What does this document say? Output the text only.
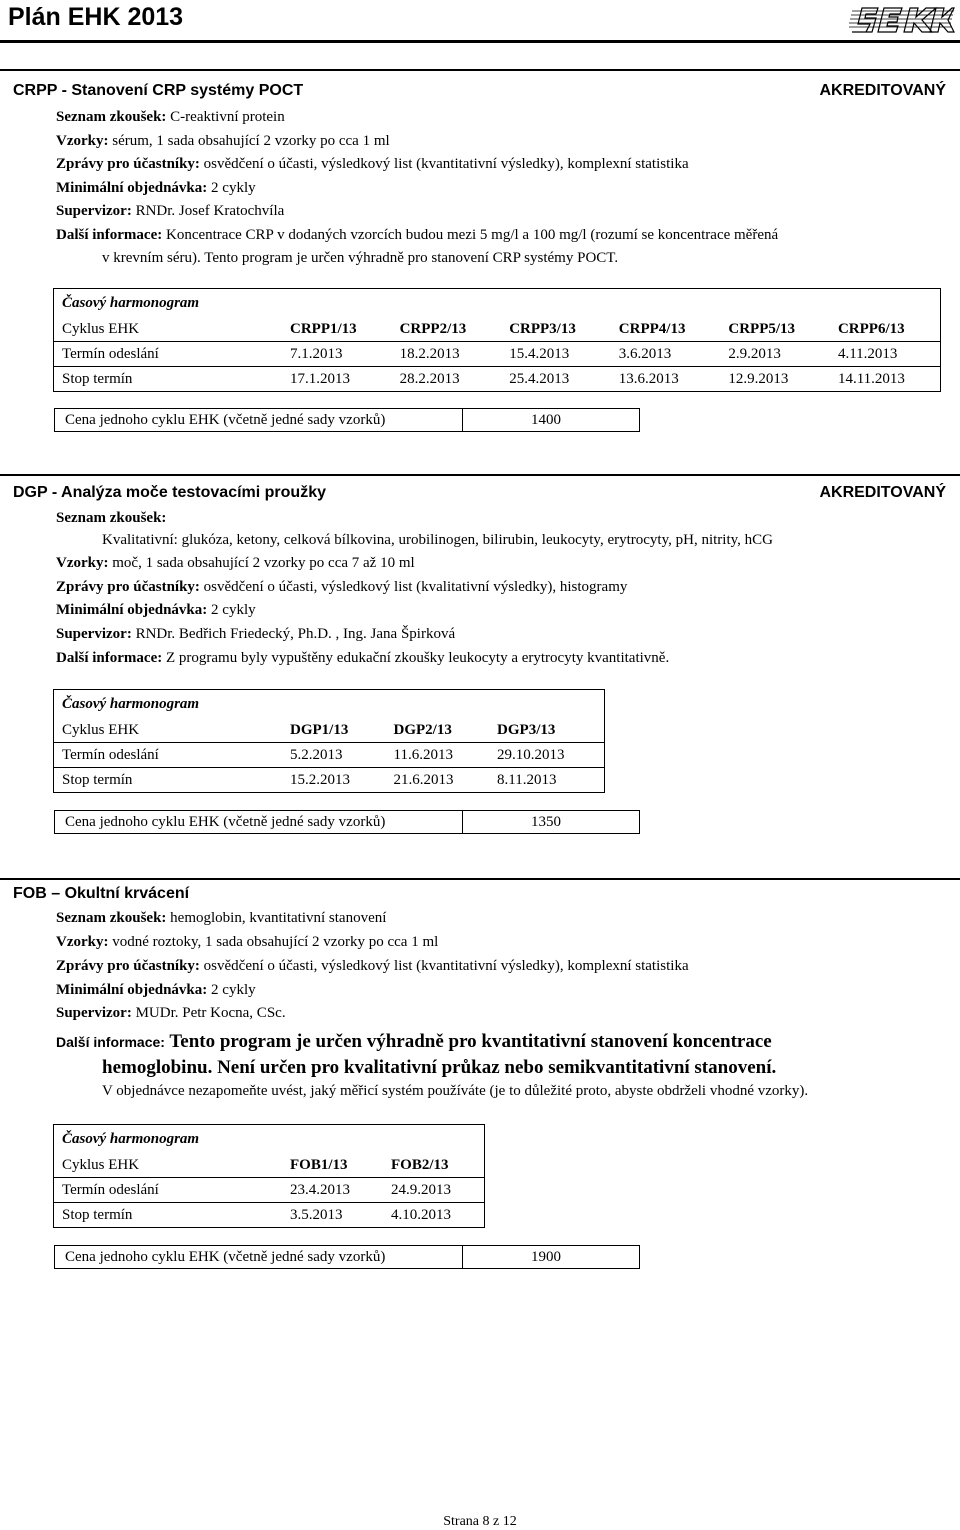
Plán EHK 2013
CRPP - Stanovení CRP systémy POCT	AKREDITOVANÝ
Seznam zkoušek: C-reaktivní protein
Vzorky: sérum, 1 sada obsahující 2 vzorky po cca 1 ml
Zprávy pro účastníky: osvědčení o účasti, výsledkový list (kvantitativní výsledky), komplexní statistika
Minimální objednávka: 2 cykly
Supervizor: RNDr. Josef Kratochvíla
Další informace: Koncentrace CRP v dodaných vzorcích budou mezi 5 mg/l a 100 mg/l (rozumí se koncentrace měřená
v krevním séru). Tento program je určen výhradně pro stanovení CRP systémy POCT.
Časový harmonogram						
Cyklus EHK	CRPP1/13	CRPP2/13	CRPP3/13	CRPP4/13	CRPP5/13	CRPP6/13
Termín odeslání	7.1.2013	18.2.2013	15.4.2013	3.6.2013	2.9.2013	4.11.2013
Stop termín	17.1.2013	28.2.2013	25.4.2013	13.6.2013	12.9.2013	14.11.2013
Cena jednoho cyklu EHK (včetně jedné sady vzorků)	1400
DGP - Analýza moče testovacími proužky	AKREDITOVANÝ
Seznam zkoušek:
Kvalitativní: glukóza, ketony, celková bílkovina, urobilinogen, bilirubin, leukocyty, erytrocyty, pH, nitrity, hCG
Vzorky: moč, 1 sada obsahující 2 vzorky po cca 7 až 10 ml
Zprávy pro účastníky: osvědčení o účasti, výsledkový list (kvalitativní výsledky), histogramy
Minimální objednávka: 2 cykly
Supervizor: RNDr. Bedřich Friedecký, Ph.D. , Ing. Jana Špirková
Další informace: Z programu byly vypuštěny edukační zkoušky leukocyty a erytrocyty kvantitativně.
Časový harmonogram			
Cyklus EHK	DGP1/13	DGP2/13	DGP3/13
Termín odeslání	5.2.2013	11.6.2013	29.10.2013
Stop termín	15.2.2013	21.6.2013	8.11.2013
Cena jednoho cyklu EHK (včetně jedné sady vzorků)	1350
FOB – Okultní krvácení
Seznam zkoušek: hemoglobin, kvantitativní stanovení
Vzorky: vodné roztoky, 1 sada obsahující 2 vzorky po cca 1 ml
Zprávy pro účastníky: osvědčení o účasti, výsledkový list (kvantitativní výsledky), komplexní statistika
Minimální objednávka: 2 cykly
Supervizor: MUDr. Petr Kocna, CSc.
Další informace: Tento program je určen výhradně pro kvantitativní stanovení koncentrace
hemoglobinu. Není určen pro kvalitativní průkaz nebo semikvantitativní stanovení.
V objednávce nezapomeňte uvést, jaký měřicí systém používáte (je to důležité proto, abyste obdrželi vhodné vzorky).
Časový harmonogram		
Cyklus EHK	FOB1/13	FOB2/13
Termín odeslání	23.4.2013	24.9.2013
Stop termín	3.5.2013	4.10.2013
Cena jednoho cyklu EHK (včetně jedné sady vzorků)	1900
Strana 8 z 12
